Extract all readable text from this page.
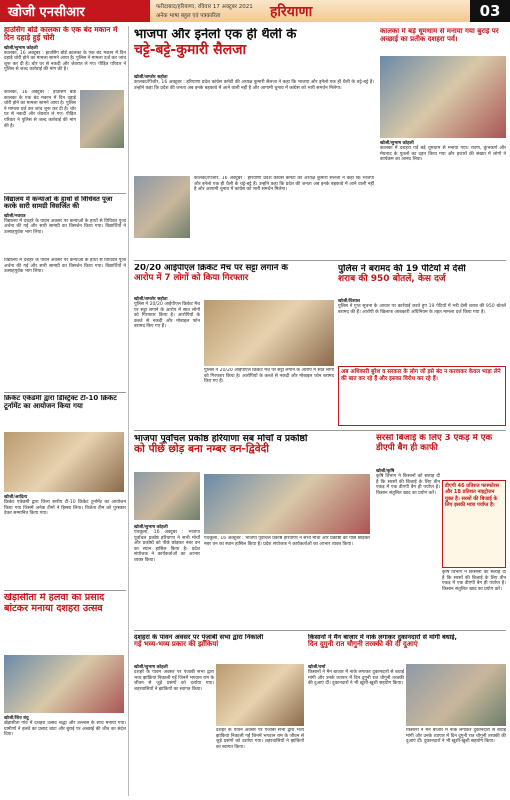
खोजी एनसीआर	फरीदाबाद/हरियाणा, रविवार 17 अक्टूबर 2021
अनेक भाषा बहुल एवं पत्रकारिता	हरियाणा	03
हाउसिंग बोर्ड कालका के एक बंद मकान में दिन दहाड़े हुई चोरी
खोजी/सुभाष कोहली
कालका, 16 अक्टूबर : हाउसिंग बोर्ड कालका के एक बंद मकान में दिन दहाड़े चोरी होने का मामला सामने आया है। पुलिस ने मामला दर्ज कर जांच शुरू कर दी है। चोर घर से नकदी और जेवरात ले गए। पीड़ित परिवार ने पुलिस से जल्द कार्रवाई की मांग की है।
कालका, 16 अक्टूबर : हाउसिंग बोर्ड कालका के एक बंद मकान में दिन दहाड़े चोरी होने का मामला सामने आया है। पुलिस ने मामला दर्ज कर जांच शुरू कर दी है। चोर घर से नकदी और जेवरात ले गए। पीड़ित परिवार ने पुलिस से जल्द कार्रवाई की मांग की है।
विद्यालय में कन्याओं के हाथों से विधिवत पूजा करके सारी सामग्री विसर्जित की
खोजी/नवरात्र
विद्यालय में दशहरे के पावन अवसर पर कन्याओं के हाथों से विधिवत पूजा अर्चना की गई और सारी सामग्री का विसर्जन किया गया। विद्यार्थियों ने उत्साहपूर्वक भाग लिया।
विद्यालय में दशहरे के पावन अवसर पर कन्याओं के हाथों से विधिवत पूजा अर्चना की गई और सारी सामग्री का विसर्जन किया गया। विद्यार्थियों ने उत्साहपूर्वक भाग लिया।
क्रिकेट एकेडमी द्वारा डिस्ट्रिक्ट टी-10 क्रिकेट टूर्नामेंट का आयोजन किया गया
खोजी/आदित्य
क्रिकेट एकेडमी द्वारा जिला स्तरीय टी-10 क्रिकेट टूर्नामेंट का आयोजन किया गया जिसमें अनेक टीमों ने हिस्सा लिया। विजेता टीम को पुरस्कार देकर सम्मानित किया गया।
खेड़ासीता में हलवा का प्रसाद बांटकर मनाया दशहरा उत्सव
खोजी/शिव बंधु
खेड़ासीता गांव में दशहरा उत्सव श्रद्धा और उल्लास के साथ मनाया गया। ग्रामीणों ने हलवे का प्रसाद बांटा और बुराई पर अच्छाई की जीत का संदेश दिया।
भाजपा और इनेलो एक ही थैली के
चट्टे-बट्टे-कुमारी सैलजा
खोजी/शमशेर सहोता
कालका/पिंजौर, 16 अक्टूबर : हरियाणा प्रदेश कांग्रेस कमेटी की अध्यक्ष कुमारी सैलजा ने कहा कि भाजपा और इनेलो एक ही थैली के चट्टे-बट्टे हैं। उन्होंने कहा कि प्रदेश की जनता अब इनके बहकावे में आने वाली नहीं है और आगामी चुनाव में कांग्रेस को भारी समर्थन मिलेगा।
कालका/पिंजौर, 16 अक्टूबर : हरियाणा प्रदेश कांग्रेस कमेटी की अध्यक्ष कुमारी सैलजा ने कहा कि भाजपा और इनेलो एक ही थैली के चट्टे-बट्टे हैं। उन्होंने कहा कि प्रदेश की जनता अब इनके बहकावे में आने वाली नहीं है और आगामी चुनाव में कांग्रेस को भारी समर्थन मिलेगा।
कालका में बड़े धूमधाम से मनाया गया बुराई पर अच्छाई का प्रतीक दशहरा पर्व।
खोजी/सुभाष कोहली
कालका में दशहरा पर्व बड़े धूमधाम से मनाया गया। रावण, कुंभकर्ण और मेघनाद के पुतलों का दहन किया गया और हजारों की संख्या में लोगों ने कार्यक्रम का आनंद लिया।
20/20 आईपीएल क्रिकेट मैच पर सट्टा लगाने के
आरोप में 7 लोगों को किया गिरफ्तार
खोजी/शमशेर सहोता
पुलिस ने 20/20 आईपीएल क्रिकेट मैच पर सट्टा लगाने के आरोप में सात लोगों को गिरफ्तार किया है। आरोपियों के कब्जे से नकदी और मोबाइल फोन बरामद किए गए हैं।
पुलिस ने 20/20 आईपीएल क्रिकेट मैच पर सट्टा लगाने के आरोप में सात लोगों को गिरफ्तार किया है। आरोपियों के कब्जे से नकदी और मोबाइल फोन बरामद किए गए हैं।
पुलिस ने बरामद की 19 पेटियों में देसी
शराब की 950 बोतलें, केस दर्ज
खोजी/विशाल
पुलिस ने गुप्त सूचना के आधार पर कार्रवाई करते हुए 19 पेटियों में भरी देसी शराब की 950 बोतलें बरामद की हैं। आरोपी के खिलाफ आबकारी अधिनियम के तहत मामला दर्ज किया गया है।
अब अधिकारी बुरेश व सरकार के लोग जो इसे बंद न करवाकर केवल भाड़ा लेने की बात कर रहे हैं और इसका विरोध कर रहे हैं।
भाजपा पूर्वांचल प्रकोष्ठ हरियाणा सब मोर्चों व प्रकोष्ठों
को पीछे छोड़ बना नम्बर वन-द्विवेदी
खोजी/सुभाष कोहली
पंचकूला, 16 अक्टूबर : भाजपा पूर्वांचल प्रकोष्ठ हरियाणा ने सभी मोर्चों और प्रकोष्ठों को पीछे छोड़कर नंबर वन का स्थान हासिल किया है। प्रदेश संयोजक ने कार्यकर्ताओं का आभार व्यक्त किया।
पंचकूला, 16 अक्टूबर : भाजपा पूर्वांचल प्रकोष्ठ हरियाणा ने सभी मोर्चों और प्रकोष्ठों को पीछे छोड़कर नंबर वन का स्थान हासिल किया है। प्रदेश संयोजक ने कार्यकर्ताओं का आभार व्यक्त किया।
सरसों बिजाई के लिए 3 एकड़ में एक डीएपी बैग ही काफी
खोजी/कृषि
कृषि विभाग ने किसानों को सलाह दी है कि सरसों की बिजाई के लिए तीन एकड़ में एक डीएपी बैग ही पर्याप्त है। किसान संतुलित खाद का प्रयोग करें।
डीएपी 46 प्रतिशत फास्फोरस और 18 प्रतिशत नाइट्रोजन युक्त है। सरसों की बिजाई के लिए इसकी मात्रा पर्याप्त है।
कृषि विभाग ने किसानों को सलाह दी है कि सरसों की बिजाई के लिए तीन एकड़ में एक डीएपी बैग ही पर्याप्त है। किसान संतुलित खाद का प्रयोग करें।
दशहरा के पावन अवसर पर पंजाबी सभा द्वारा निकाली
गई भव्य-भव्य प्रकार की झाँकियां
खोजी/सुभाष कोहली
दशहरे के पावन अवसर पर पंजाबी सभा द्वारा भव्य झांकियां निकाली गईं जिनमें भगवान राम के जीवन से जुड़े प्रसंगों को दर्शाया गया। शहरवासियों ने झांकियों का स्वागत किया।
दशहरे के पावन अवसर पर पंजाबी सभा द्वारा भव्य झांकियां निकाली गईं जिनमें भगवान राम के जीवन से जुड़े प्रसंगों को दर्शाया गया। शहरवासियों ने झांकियों का स्वागत किया।
किसानों ने मैन बाजार में नाके लगाकर दुकानदारों से मांगी बधाई,
दिन दुगुनी रात चौगुनी तरक्की की दी दुआएं
खोजी/वर्मा
किसानों ने मैन बाजार में नाके लगाकर दुकानदारों से बधाई मांगी और उनके व्यापार में दिन दुगुनी रात चौगुनी तरक्की की दुआएं दीं। दुकानदारों ने भी खुशी-खुशी सहयोग किया।
किसानों ने मैन बाजार में नाके लगाकर दुकानदारों से बधाई मांगी और उनके व्यापार में दिन दुगुनी रात चौगुनी तरक्की की दुआएं दीं। दुकानदारों ने भी खुशी-खुशी सहयोग किया।
